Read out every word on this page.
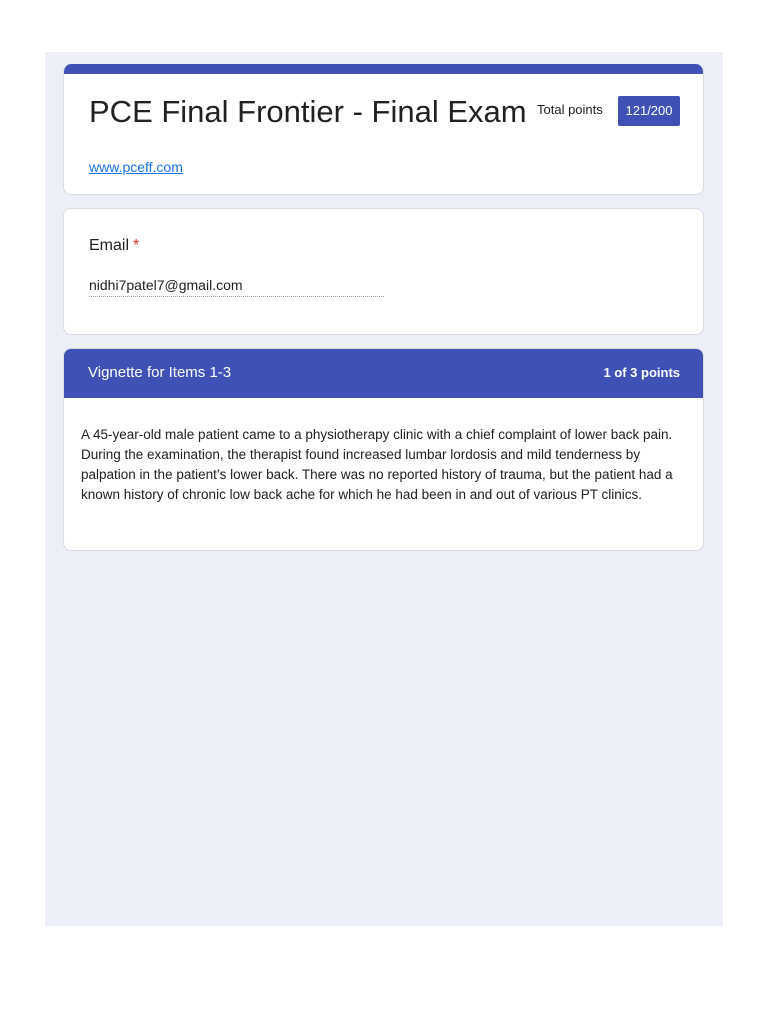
PCE Final Frontier - Final Exam Total points	121/200
www.pceff.com
Email *
nidhi7patel7@gmail.com
Vignette for Items 1-3	1 of 3 points
A 45-year-old male patient came to a physiotherapy clinic with a chief complaint of lower back pain. During the examination, the therapist found increased lumbar lordosis and mild tenderness by palpation in the patient’s lower back. There was no reported history of trauma, but the patient had a known history of chronic low back ache for which he had been in and out of various PT clinics.
